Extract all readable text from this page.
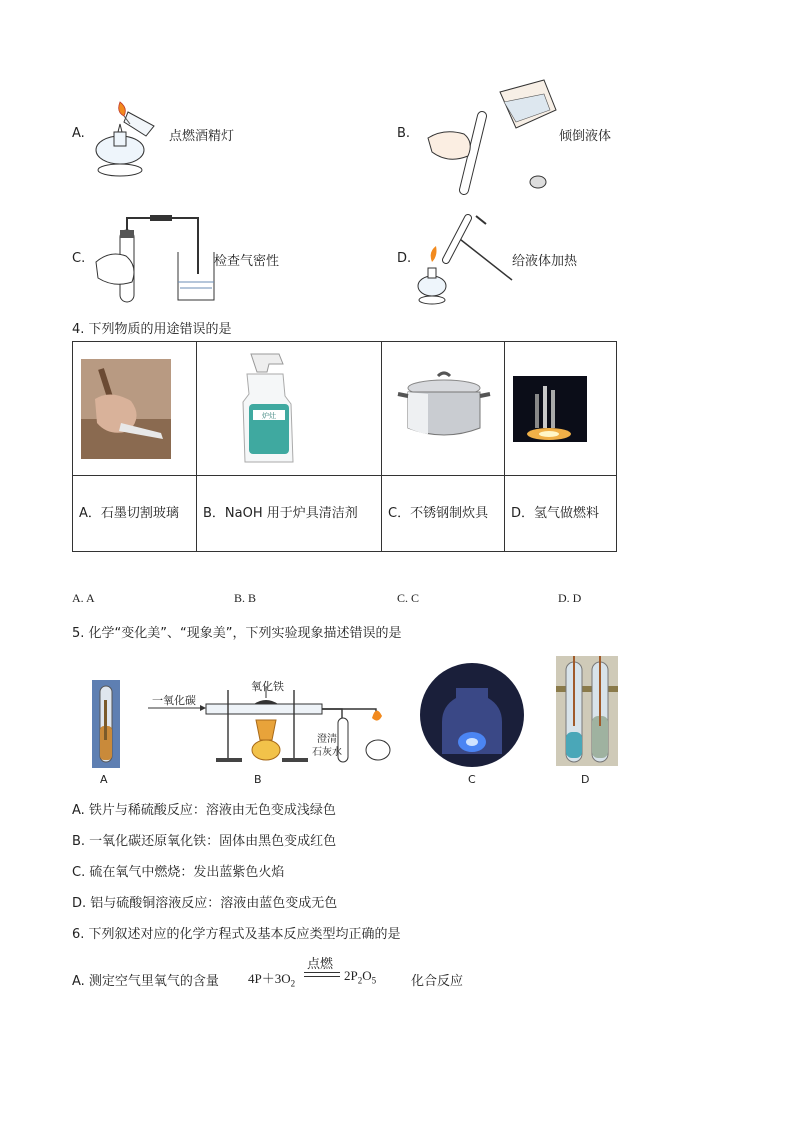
A.	点燃酒精灯	B.	倾倒液体
C.	检查气密性	D.	给液体加热
4. 下列物质的用途错误的是

炉灶

A．石墨切割玻璃	B．NaOH 用于炉具清洁剂	C．不锈钢制炊具	D．氢气做燃料
A. A	B. B	C. C	D. D
5. 化学“变化美”、“现象美”，下列实验现象描述错误的是
A
一氧化碳
氧化铁
澄清
石灰水
B	C	D
A. 铁片与稀硫酸反应：溶液由无色变成浅绿色
B. 一氧化碳还原氧化铁：固体由黑色变成红色
C. 硫在氧气中燃烧：发出蓝紫色火焰
D. 铝与硫酸铜溶液反应：溶液由蓝色变成无色
6. 下列叙述对应的化学方程式及基本反应类型均正确的是
A. 测定空气里氧气的含量 $4P+3O_2$
点燃
$2P_2O_5$	化合反应
